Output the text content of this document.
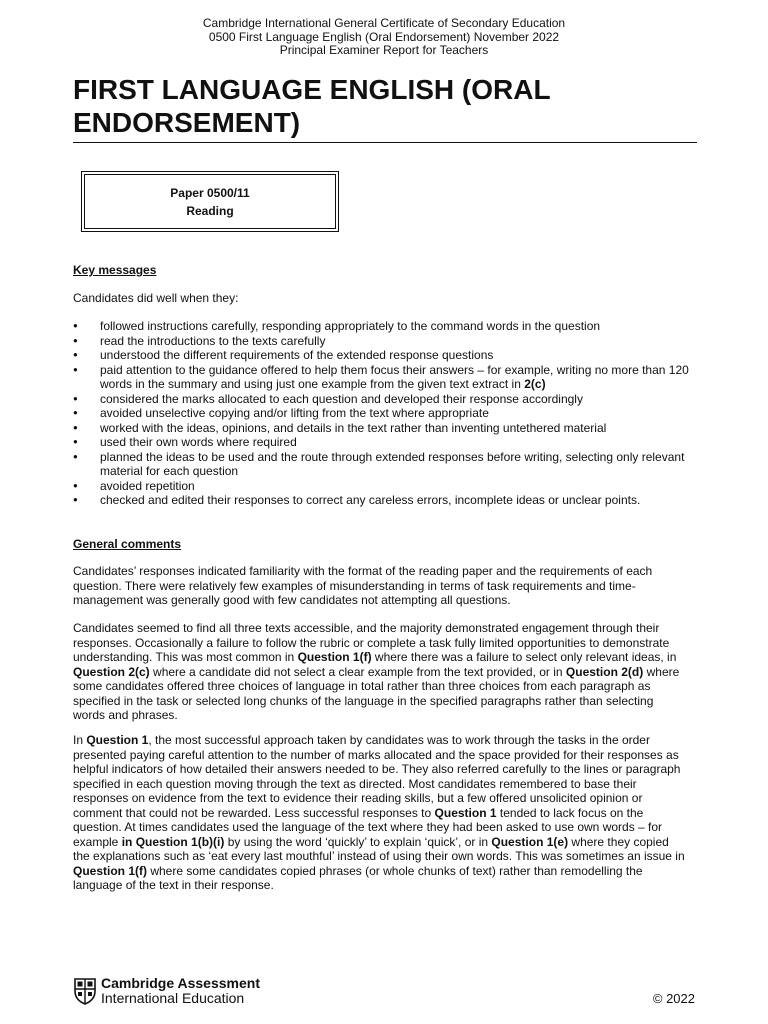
Cambridge International General Certificate of Secondary Education
0500 First Language English (Oral Endorsement) November 2022
Principal Examiner Report for Teachers
FIRST LANGUAGE ENGLISH (ORAL
ENDORSEMENT)
Paper 0500/11
Reading
Key messages

Candidates did well when they:

● followed instructions carefully, responding appropriately to the command words in the question
● read the introductions to the texts carefully
● understood the different requirements of the extended response questions
● paid attention to the guidance offered to help them focus their answers – for example, writing no more than 120 words in the summary and using just one example from the given text extract in 2(c)
● considered the marks allocated to each question and developed their response accordingly
● avoided unselective copying and/or lifting from the text where appropriate
● worked with the ideas, opinions, and details in the text rather than inventing untethered material
● used their own words where required
● planned the ideas to be used and the route through extended responses before writing, selecting only relevant material for each question
● avoided repetition
● checked and edited their responses to correct any careless errors, incomplete ideas or unclear points.
General comments

Candidates’ responses indicated familiarity with the format of the reading paper and the requirements of each question. There were relatively few examples of misunderstanding in terms of task requirements and time-management was generally good with few candidates not attempting all questions.

Candidates seemed to find all three texts accessible, and the majority demonstrated engagement through their responses. Occasionally a failure to follow the rubric or complete a task fully limited opportunities to demonstrate understanding. This was most common in Question 1(f) where there was a failure to select only relevant ideas, in Question 2(c) where a candidate did not select a clear example from the text provided, or in Question 2(d) where some candidates offered three choices of language in total rather than three choices from each paragraph as specified in the task or selected long chunks of the language in the specified paragraphs rather than selecting words and phrases.

In Question 1, the most successful approach taken by candidates was to work through the tasks in the order presented paying careful attention to the number of marks allocated and the space provided for their responses as helpful indicators of how detailed their answers needed to be. They also referred carefully to the lines or paragraph specified in each question moving through the text as directed. Most candidates remembered to base their responses on evidence from the text to evidence their reading skills, but a few offered unsolicited opinion or comment that could not be rewarded. Less successful responses to Question 1 tended to lack focus on the question. At times candidates used the language of the text where they had been asked to use own words – for example in Question 1(b)(i) by using the word ‘quickly’ to explain ‘quick’, or in Question 1(e) where they copied the explanations such as ‘eat every last mouthful’ instead of using their own words. This was sometimes an issue in Question 1(f) where some candidates copied phrases (or whole chunks of text) rather than remodelling the language of the text in their response.

Cambridge Assessment
International Education	© 2022
